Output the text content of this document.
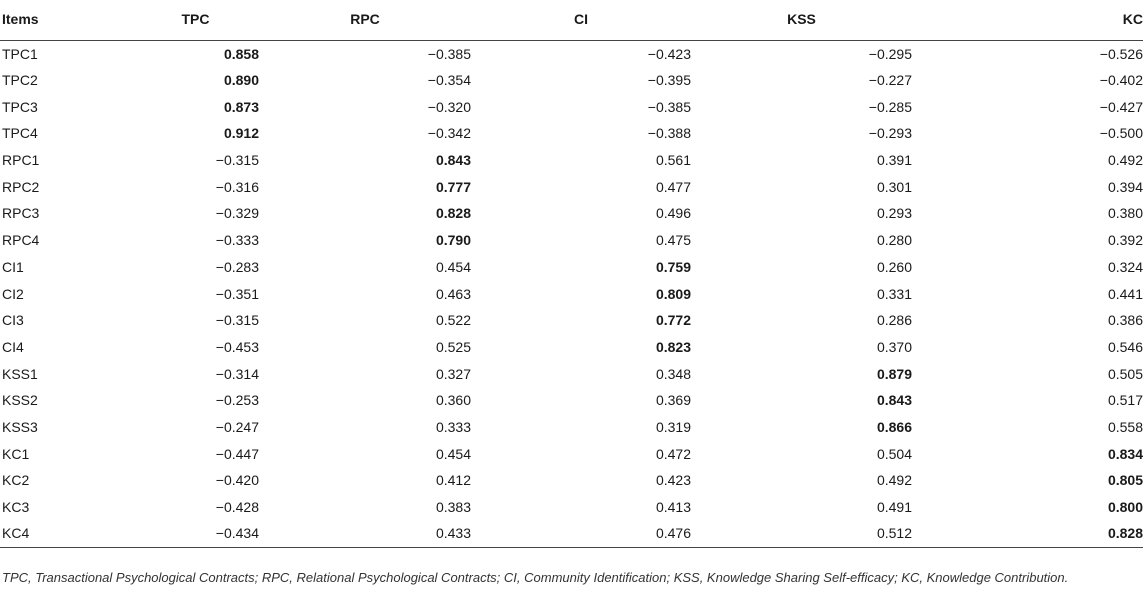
Items	TPC	RPC	CI	KSS	KC
TPC1	0.858	−0.385	−0.423	−0.295	−0.526
TPC2	0.890	−0.354	−0.395	−0.227	−0.402
TPC3	0.873	−0.320	−0.385	−0.285	−0.427
TPC4	0.912	−0.342	−0.388	−0.293	−0.500
RPC1	−0.315	0.843	0.561	0.391	0.492
RPC2	−0.316	0.777	0.477	0.301	0.394
RPC3	−0.329	0.828	0.496	0.293	0.380
RPC4	−0.333	0.790	0.475	0.280	0.392
CI1	−0.283	0.454	0.759	0.260	0.324
CI2	−0.351	0.463	0.809	0.331	0.441
CI3	−0.315	0.522	0.772	0.286	0.386
CI4	−0.453	0.525	0.823	0.370	0.546
KSS1	−0.314	0.327	0.348	0.879	0.505
KSS2	−0.253	0.360	0.369	0.843	0.517
KSS3	−0.247	0.333	0.319	0.866	0.558
KC1	−0.447	0.454	0.472	0.504	0.834
KC2	−0.420	0.412	0.423	0.492	0.805
KC3	−0.428	0.383	0.413	0.491	0.800
KC4	−0.434	0.433	0.476	0.512	0.828
TPC, Transactional Psychological Contracts; RPC, Relational Psychological Contracts; CI, Community Identification; KSS, Knowledge Sharing Self-efficacy; KC, Knowledge Contribution.
